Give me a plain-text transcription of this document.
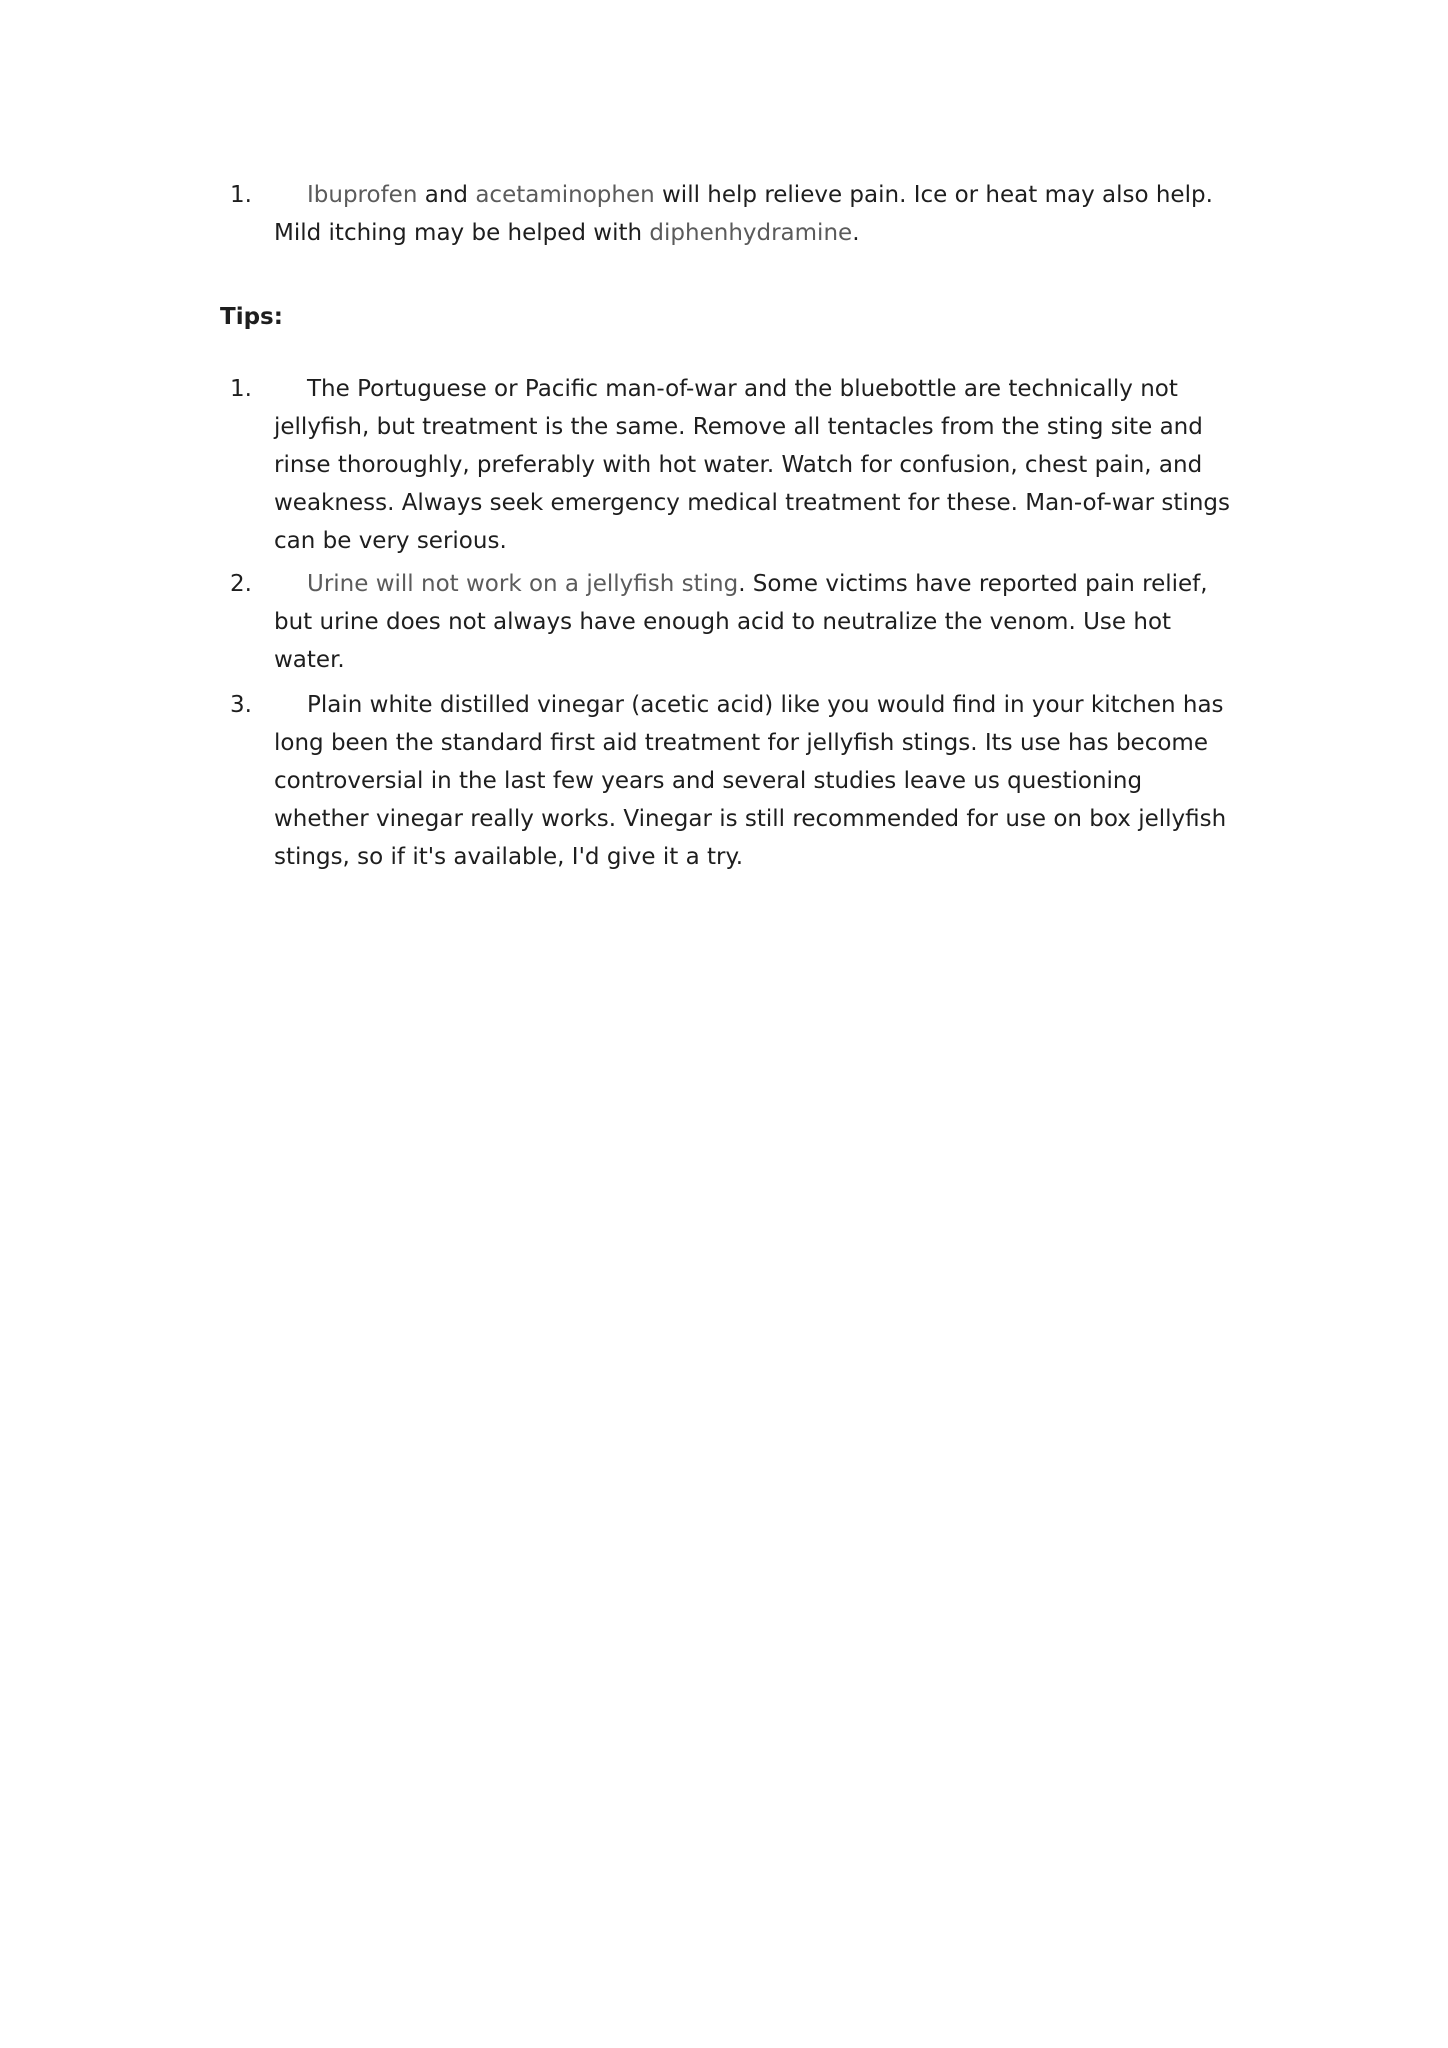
1.	Ibuprofen and acetaminophen will help relieve pain. Ice or heat may also help. Mild itching may be helped with diphenhydramine.
Tips:
1.	The Portuguese or Pacific man-of-war and the bluebottle are technically not jellyfish, but treatment is the same. Remove all tentacles from the sting site and rinse thoroughly, preferably with hot water. Watch for confusion, chest pain, and weakness. Always seek emergency medical treatment for these. Man-of-war stings can be very serious.
2.	Urine will not work on a jellyfish sting. Some victims have reported pain relief, but urine does not always have enough acid to neutralize the venom. Use hot water.
3.	Plain white distilled vinegar (acetic acid) like you would find in your kitchen has long been the standard first aid treatment for jellyfish stings. Its use has become controversial in the last few years and several studies leave us questioning whether vinegar really works. Vinegar is still recommended for use on box jellyfish stings, so if it's available, I'd give it a try.
